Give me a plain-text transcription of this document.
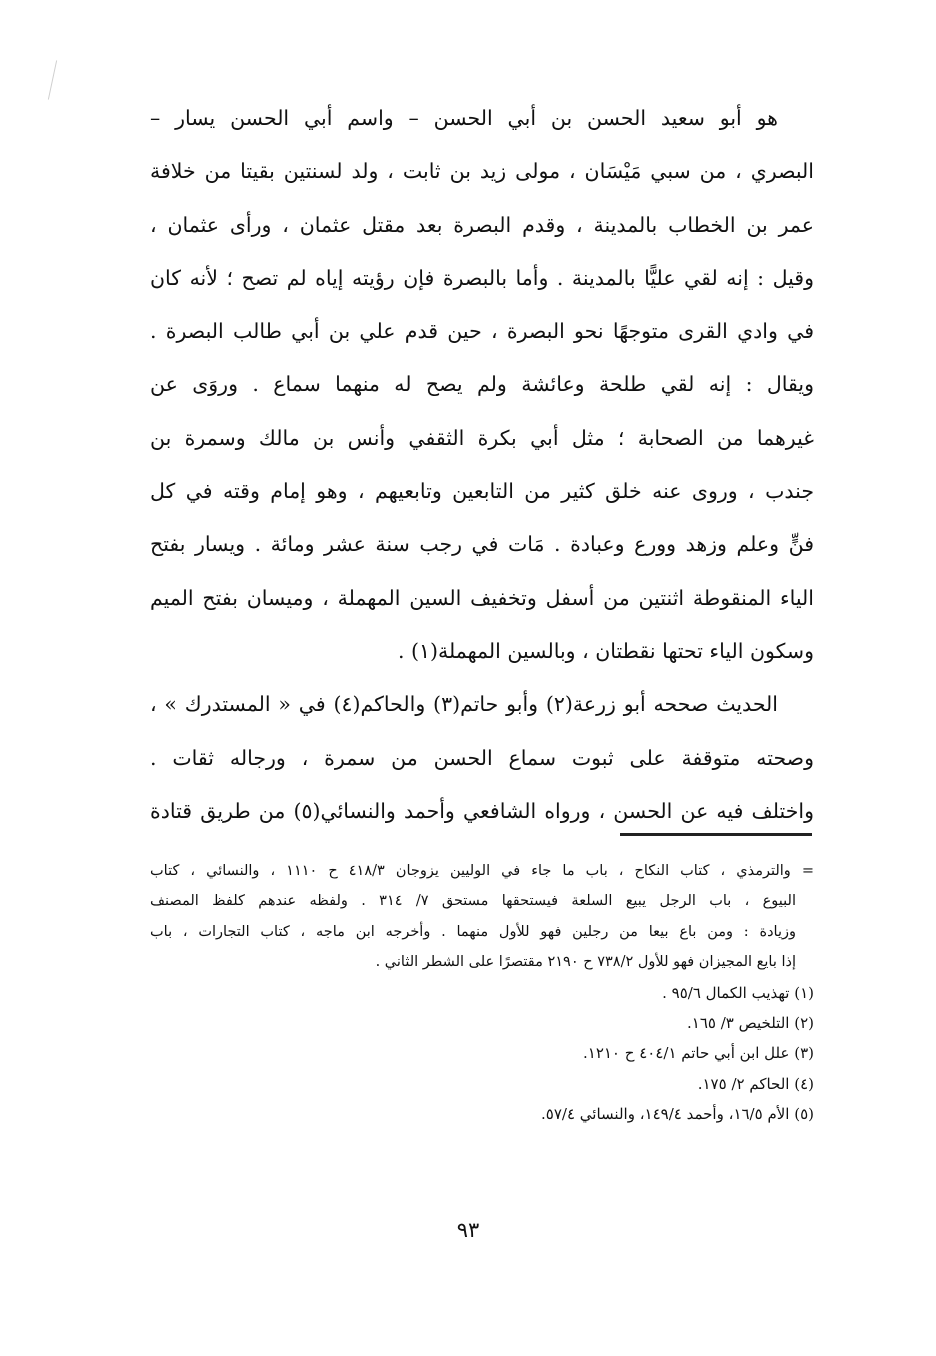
هو أبو سعيد الحسن بن أبي الحسن – واسم أبي الحسن يسار –
البصري ، من سبي مَيْسَان ، مولى زيد بن ثابت ، ولد لسنتين بقيتا من خلافة
عمر بن الخطاب بالمدينة ، وقدم البصرة بعد مقتل عثمان ، ورأى عثمان ،
وقيل : إنه لقي عليًّا بالمدينة . وأما بالبصرة فإن رؤيته إياه لم تصح ؛ لأنه كان
في وادي القرى متوجهًا نحو البصرة ، حين قدم علي بن أبي طالب البصرة .
ويقال : إنه لقي طلحة وعائشة ولم يصح له منهما سماع . وروَى عن
غيرهما من الصحابة ؛ مثل أبي بكرة الثقفي وأنس بن مالك وسمرة بن
جندب ، وروى عنه خلق كثير من التابعين وتابعيهم ، وهو إمام وقته في كل
فنٍّ وعلم وزهد وورع وعبادة . مَات في رجب سنة عشر ومائة . ويسار بفتح
الياء المنقوطة اثنتين من أسفل وتخفيف السين المهملة ، وميسان بفتح الميم
وسكون الياء تحتها نقطتان ، وبالسين المهملة(١) .
الحديث صححه أبو زرعة(٢) وأبو حاتم(٣) والحاكم(٤) في « المستدرك » ،
وصحته متوقفة على ثبوت سماع الحسن من سمرة ، ورجاله ثقات .
واختلف فيه عن الحسن ، ورواه الشافعي وأحمد والنسائي(٥) من طريق قتادة
= والترمذي ، كتاب النكاح ، باب ما جاء في الوليين يزوجان ٤١٨/٣ ح ١١١٠ ، والنسائي ، كتاب
البيوع ، باب الرجل يبيع السلعة فيستحقها مستحق ٧/ ٣١٤ . ولفظه عندهم كلفظ المصنف
وزيادة : ومن باع بيعا من رجلين فهو للأول منهما . وأخرجه ابن ماجه ، كتاب التجارات ، باب
إذا بايع المجيزان فهو للأول ٧٣٨/٢ ح ٢١٩٠ مقتصرًا على الشطر الثاني .
(١) تهذيب الكمال ٩٥/٦ .
(٢) التلخيص ٣/ ١٦٥.
(٣) علل ابن أبي حاتم ٤٠٤/١ ح ١٢١٠.
(٤) الحاكم ٢/ ١٧٥.
(٥) الأم ١٦/٥، وأحمد ١٤٩/٤، والنسائي ٥٧/٤.
٩٣
